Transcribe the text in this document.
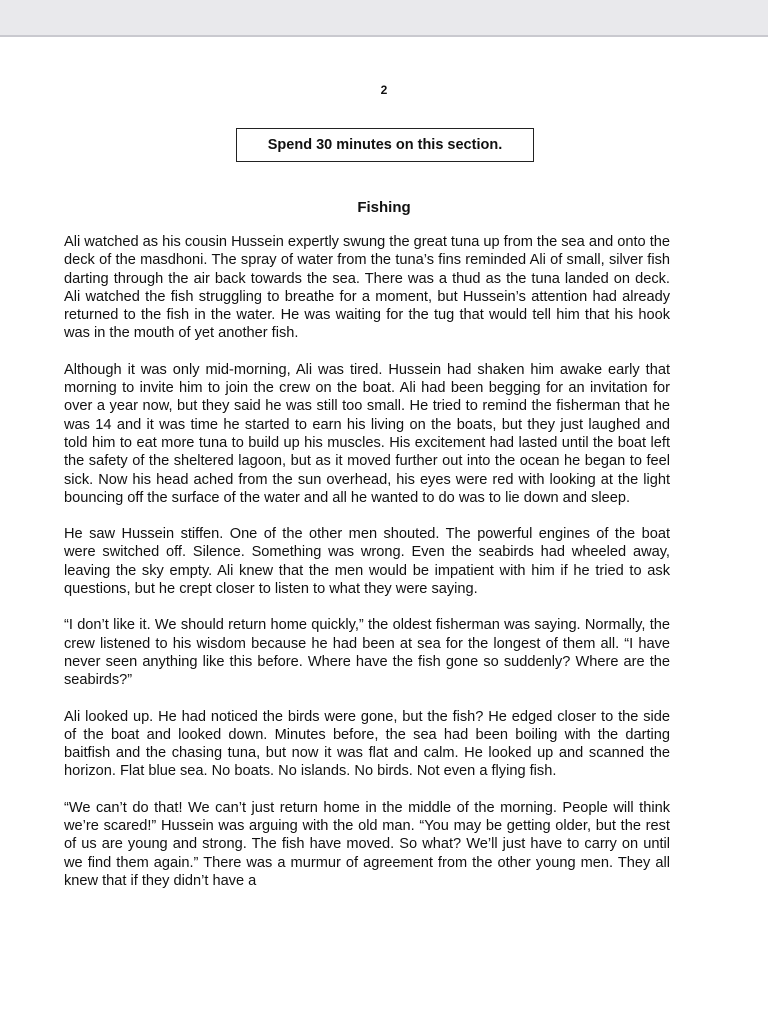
2
Spend 30 minutes on this section.
Fishing

Ali watched as his cousin Hussein expertly swung the great tuna up from the sea and onto the deck of the masdhoni. The spray of water from the tuna’s fins reminded Ali of small, silver fish darting through the air back towards the sea. There was a thud as the tuna landed on deck. Ali watched the fish struggling to breathe for a moment, but Hussein’s attention had already returned to the fish in the water. He was waiting for the tug that would tell him that his hook was in the mouth of yet another fish.

Although it was only mid-morning, Ali was tired. Hussein had shaken him awake early that morning to invite him to join the crew on the boat. Ali had been begging for an invitation for over a year now, but they said he was still too small. He tried to remind the fisherman that he was 14 and it was time he started to earn his living on the boats, but they just laughed and told him to eat more tuna to build up his muscles. His excitement had lasted until the boat left the safety of the sheltered lagoon, but as it moved further out into the ocean he began to feel sick. Now his head ached from the sun overhead, his eyes were red with looking at the light bouncing off the surface of the water and all he wanted to do was to lie down and sleep.

He saw Hussein stiffen. One of the other men shouted. The powerful engines of the boat were switched off. Silence. Something was wrong. Even the seabirds had wheeled away, leaving the sky empty. Ali knew that the men would be impatient with him if he tried to ask questions, but he crept closer to listen to what they were saying.

“I don’t like it. We should return home quickly,” the oldest fisherman was saying. Normally, the crew listened to his wisdom because he had been at sea for the longest of them all. “I have never seen anything like this before. Where have the fish gone so suddenly? Where are the seabirds?”

Ali looked up. He had noticed the birds were gone, but the fish? He edged closer to the side of the boat and looked down. Minutes before, the sea had been boiling with the darting baitfish and the chasing tuna, but now it was flat and calm. He looked up and scanned the horizon. Flat blue sea. No boats. No islands. No birds. Not even a flying fish.

“We can’t do that! We can’t just return home in the middle of the morning. People will think we’re scared!” Hussein was arguing with the old man. “You may be getting older, but the rest of us are young and strong. The fish have moved. So what? We’ll just have to carry on until we find them again.” There was a murmur of agreement from the other young men. They all knew that if they didn’t have a
